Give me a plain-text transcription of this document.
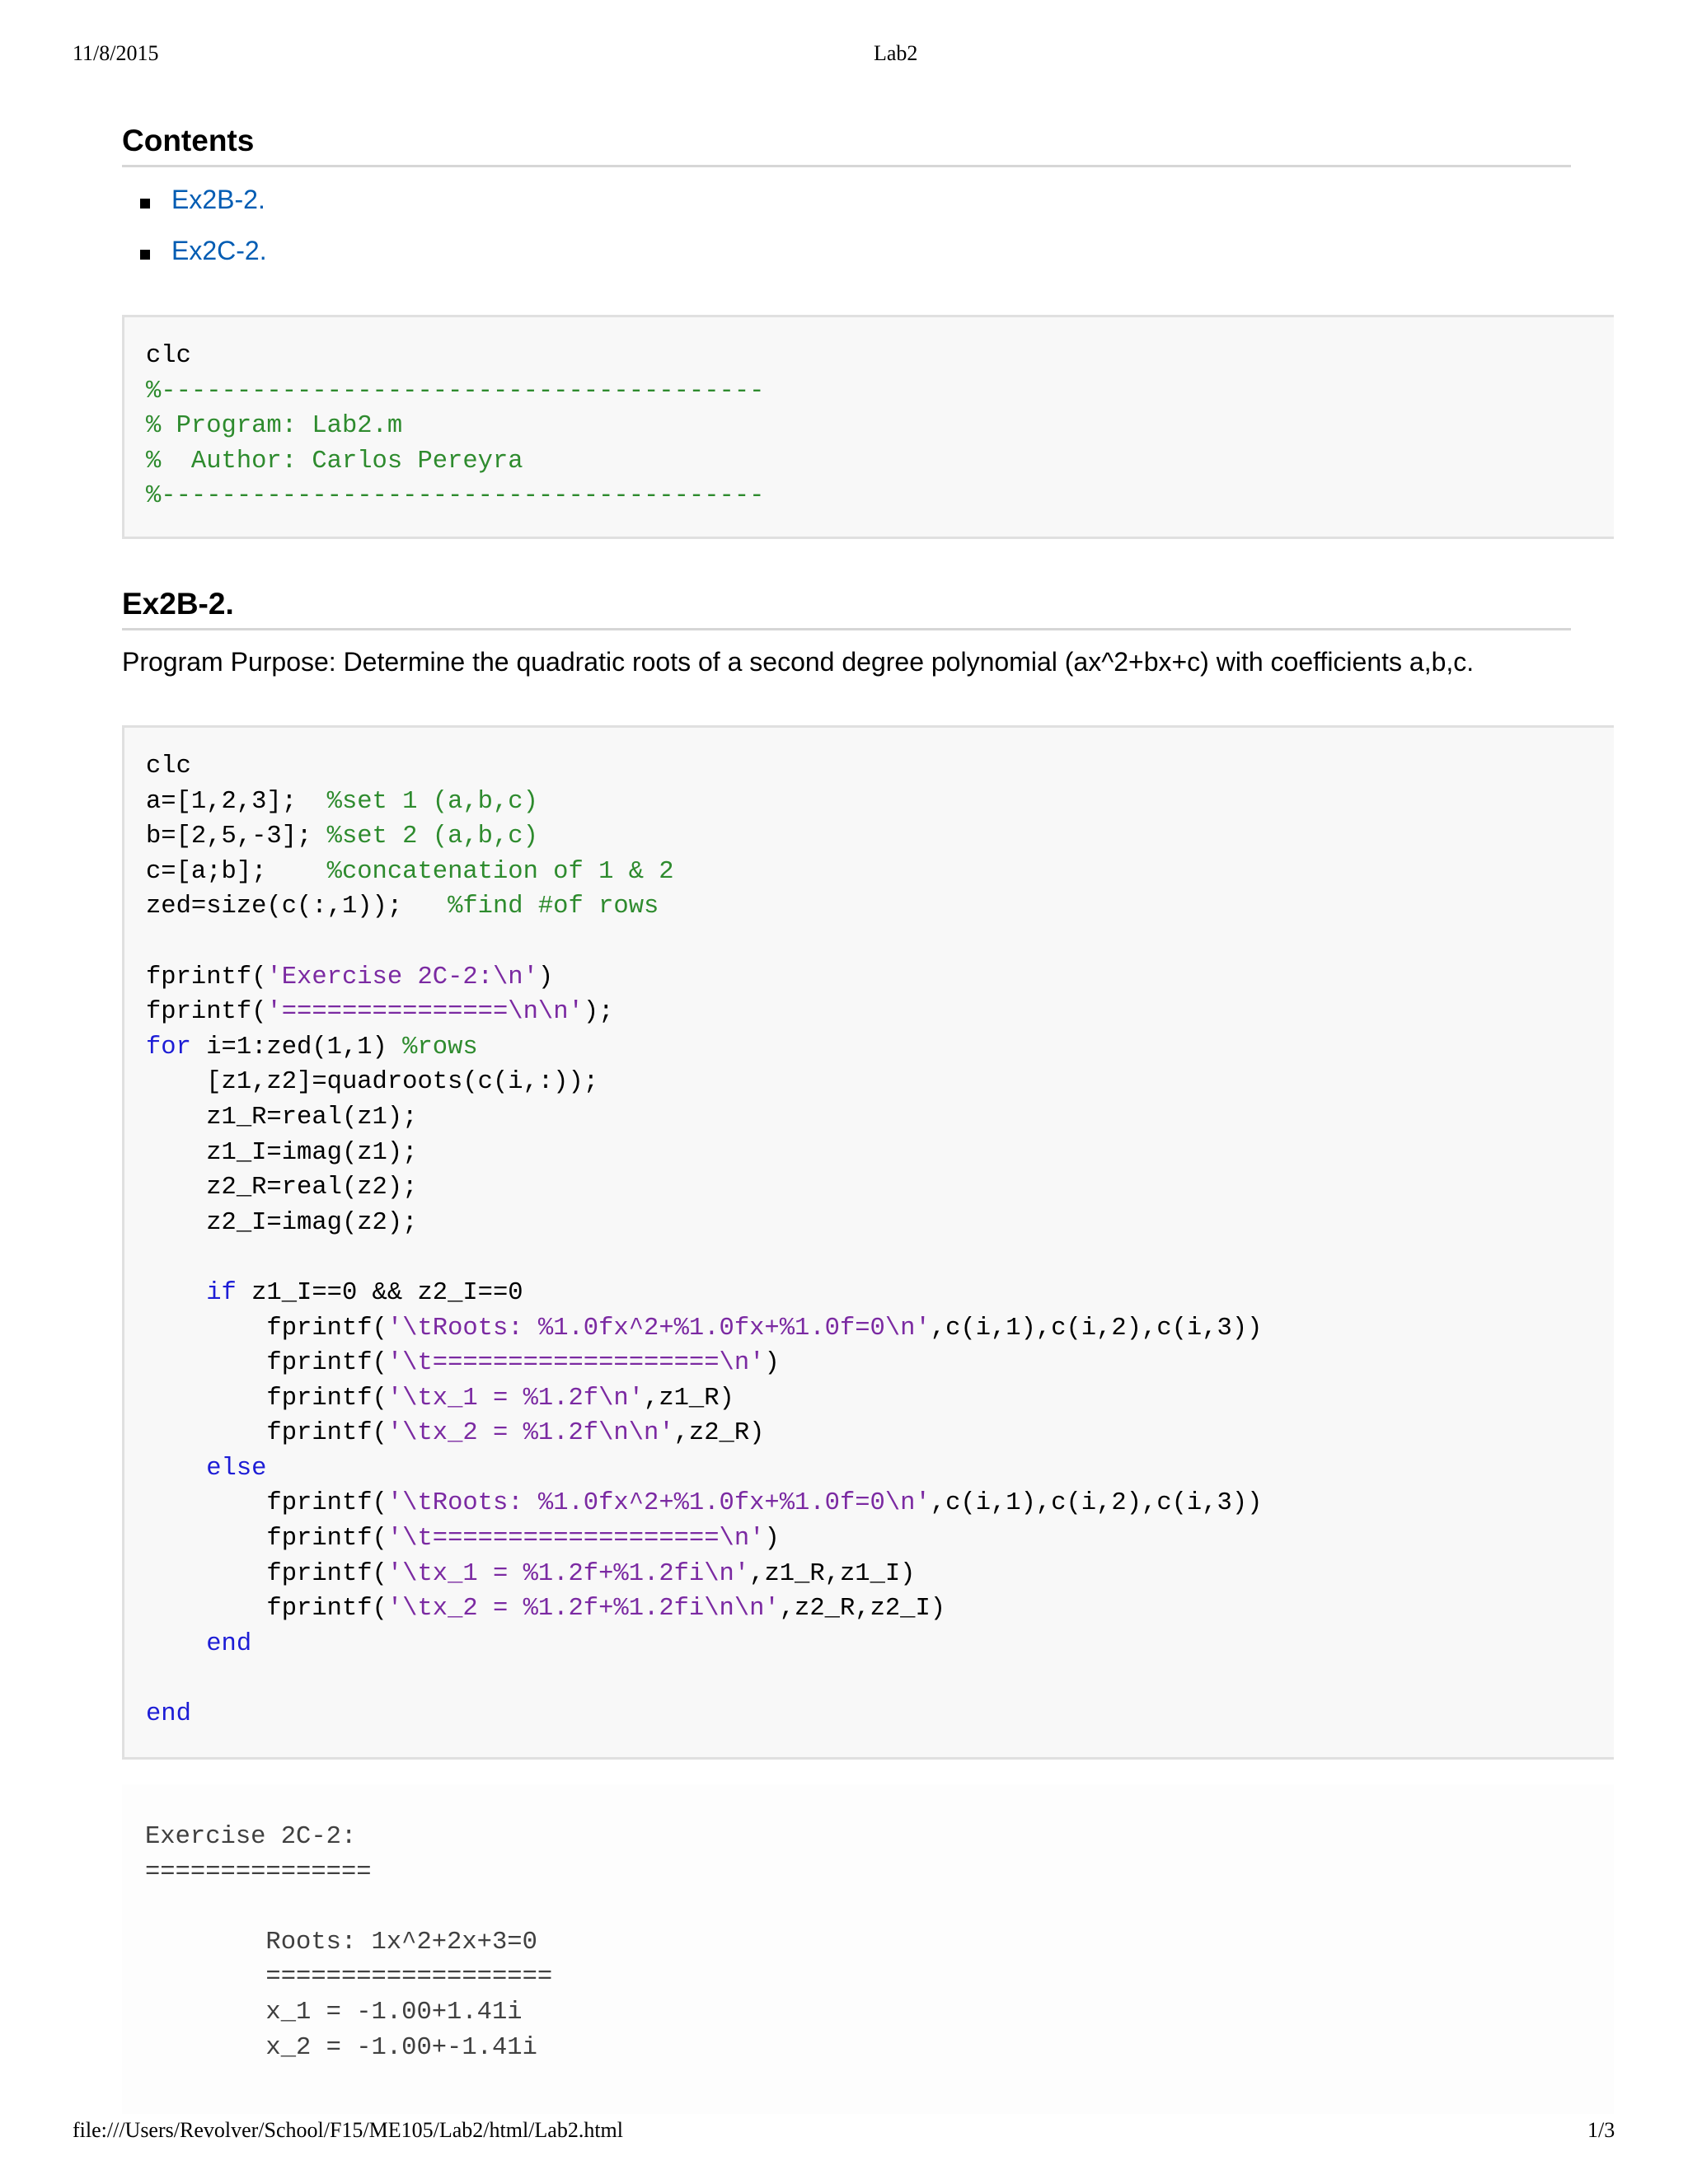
11/8/2015	Lab2
Contents
Ex2B-2.
Ex2C-2.
clc
%----------------------------------------
% Program: Lab2.m
%  Author: Carlos Pereyra
%----------------------------------------
Ex2B-2.
Program Purpose: Determine the quadratic roots of a second degree polynomial (ax^2+bx+c) with coefficients a,b,c.
clc
a=[1,2,3];  %set 1 (a,b,c)
b=[2,5,-3]; %set 2 (a,b,c)
c=[a;b];    %concatenation of 1 & 2
zed=size(c(:,1));   %find #of rows

fprintf('Exercise 2C-2:\n')
fprintf('===============\n\n');
for i=1:zed(1,1) %rows
[z1,z2]=quadroots(c(i,:));
z1_R=real(z1);
z1_I=imag(z1);
z2_R=real(z2);
z2_I=imag(z2);

if z1_I==0 && z2_I==0
fprintf('\tRoots: %1.0fx^2+%1.0fx+%1.0f=0\n',c(i,1),c(i,2),c(i,3))
fprintf('\t===================\n')
fprintf('\tx_1 = %1.2f\n',z1_R)
fprintf('\tx_2 = %1.2f\n\n',z2_R)
else
fprintf('\tRoots: %1.0fx^2+%1.0fx+%1.0f=0\n',c(i,1),c(i,2),c(i,3))
fprintf('\t===================\n')
fprintf('\tx_1 = %1.2f+%1.2fi\n',z1_R,z1_I)
fprintf('\tx_2 = %1.2f+%1.2fi\n\n',z2_R,z2_I)
end

end
Exercise 2C-2:
===============

Roots: 1x^2+2x+3=0
===================
x_1 = -1.00+1.41i
x_2 = -1.00+-1.41i
file:///Users/Revolver/School/F15/ME105/Lab2/html/Lab2.html	1/3
